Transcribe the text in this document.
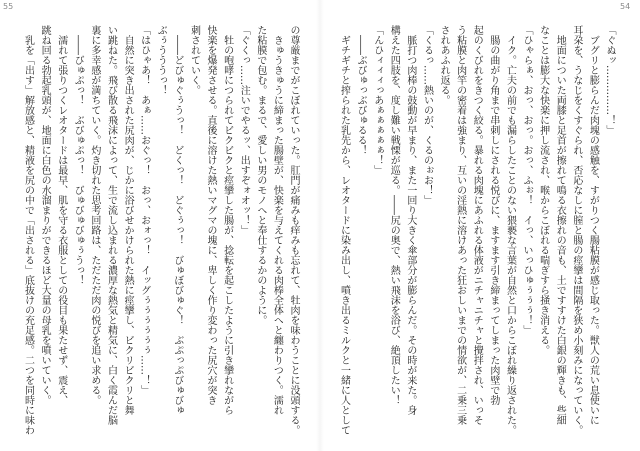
55	54
「ぐぬッ……………！」
　ブグリと膨らんだ肉塊の感触を、すがりつく腸粘膜が感じ取った。獣人の荒い息使いに
耳朶を、うなじをくすぐられ、否応なしに膣と腸の痙攣は間隔を狭め小刻みになっていく。
　地面についた両膝と足首が擦れて鳴る衣擦れの音も、土ですすけた白銀の輝きも、些細
なことは膨大な快楽に押し流され、喉からこぼれる喘ぎすら掻き消える。
「ひゃらぁ、おっ、おっ。おっ、ふぉ！　イっ、いっひゅぅぅぅ！」
　イク。亡夫の前でも漏らしたことのない猥褻な言葉が自然と口からこぼれ繰り返された。
　腸の曲がり角まで串刺しにされる悦びに、ますます引き締まってしまった肉壁で勃
起のくびれをきつく絞る。暴れる肉塊にあふれる体液がニチャニチャと攪拌され、いっそ
う粘膜と肉竿の密着は強まり、互いの淫熱に溶けあった狂おしいまでの情欲が、二乗三乗
されあふれ返る。
「くるっ……熱いのが、くるのぉお！」
　脈打つ肉棒の鼓動が早まり、また一回り大きく傘部分が膨らんだ。その時が来た。身
構えた四肢を、度し難い戦慄が巡る。――尻の奥で、熱い飛沫を浴び、絶頂したい！
「んひィィィっあぁぁぁぁぁ！」
　――ぶびゅっぶびゅるる！
　ギチギチと搾られた乳先から、レオタードに染み出し、噴き出るミルクと一緒に人として
の尊厳までがこぼれていった。肛門が痛みも痒みも忘れて、牡肉を味わうことに没頭する。
　きゅうきゅうに締まった腸壁が、快楽を与えてくれる肉棒全体へと纏わりつく。濡れ
た粘膜で包む。まるで、愛しい男のモノへと奉仕するかのように。
「ぐくっ……注いでやるッ、出すぞォオッ！」
　牡の咆哮につられてビクビクと痙攣した腸が、捻転を起こしたように引き攣れながら
快楽を爆発させる。直後に溶けた熱いマグマの塊に、卑しく作り変わった尻穴が突き
刺されていく。
　――どびゅぐぅうっ！　どくっ！　どぐぅっ！　びゅぼびゅぐ！　ぶぷっぷびゅびゅ
ぶぅうううっ！
「はひゃあ！　あぁ……おぐっ！　おっ、おォっ！　イッグぅぅぅぅぅぅ……！」
　自然に突き出された尻肉が、じかに浴びせかけられた熱に痙攣し、ビクリビクリと舞
い跳ねた。飛び散る飛沫によって、生で流し込まれる濃厚な熱気と精気に、白く霞んだ脳
裏に多幸感が満ちていく。灼き切れた思考回路は、ただただ肉の悦びを追い求める。
　――びゅぷっ！　ぶびゅぷっ！　びゅびゅびゅぅうっ！
　濡れて張りつくレオタードは最早、肌を守る衣服としての役目も果たせず、震え、
跳ね回る勃起乳頭が、地面に白色の水溜まりができるほど大量の母乳を噴いていく。
　乳を「出す」解放感と、精液を尻の中で「出される」底抜けの充足感。二つを同時に味わ
